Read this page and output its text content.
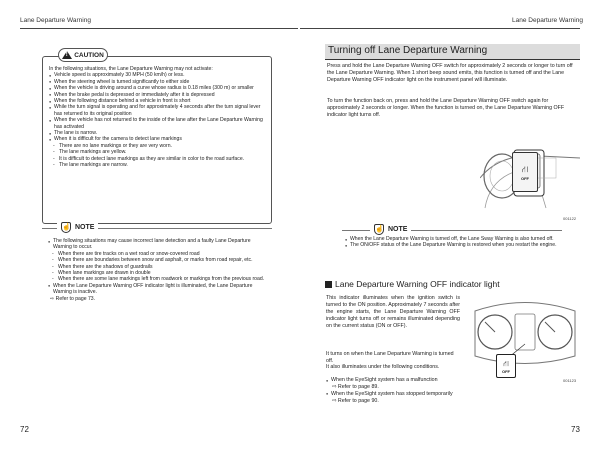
Lane Departure Warning
In the following situations, the Lane Departure Warning may not activate:
● Vehicle speed is approximately 30 MPH (50 km/h) or less.
● When the steering wheel is turned significantly to either side
● When the vehicle is driving around a curve whose radius is 0.18 miles (300 m) or smaller
● When the brake pedal is depressed or immediately after it is depressed
● When the following distance behind a vehicle in front is short
● While the turn signal is operating and for approximately 4 seconds after the turn signal lever has returned to its original position
● When the vehicle has not returned to the inside of the lane after the Lane Departure Warning has activated
● The lane is narrow.
● When it is difficult for the camera to detect lane markings
- There are no lane markings or they are very worn.
- The lane markings are yellow.
- It is difficult to detect lane markings as they are similar in color to the road surface.
- The lane markings are narrow.
!
CAUTION
● The following situations may cause incorrect lane detection and a faulty Lane Departure Warning to occur.
- When there are tire tracks on a wet road or snow-covered road
- When there are boundaries between snow and asphalt, or marks from road repair, etc.
- When there are the shadows of guardrails
- When lane markings are drawn in double
- When there are some lane markings left from roadwork or markings from the previous road.
● When the Lane Departure Warning OFF indicator light is illuminated, the Lane Departure Warning is inactive.
⇨ Refer to page 73.
☝ NOTE
72
Lane Departure Warning
Turning off Lane Departure Warning
Press and hold the Lane Departure Warning OFF switch for approximately 2 seconds or longer to turn off the Lane Departure Warning. When 1 short beep sound emits, this function is turned off and the Lane Departure Warning OFF indicator light on the instrument panel will illuminate.
To turn the function back on, press and hold the Lane Departure Warning OFF switch again for approximately 2 seconds or longer. When the function is turned on, the Lane Departure Warning OFF indicator light turns off.
⛙
OFF
001122
☝ NOTE
● When the Lane Departure Warning is turned off, the Lane Sway Warning is also turned off.
● The ON/OFF status of the Lane Departure Warning is restored when you restart the engine.
Lane Departure Warning OFF indicator light
This indicator illuminates when the ignition switch is turned to the ON position. Approximately 7 seconds after the engine starts, the Lane Departure Warning OFF indicator light turns off or remains illuminated depending on the current status (ON or OFF).
It turns on when the Lane Departure Warning is turned off.
It also illuminates under the following conditions.
● When the EyeSight system has a malfunction
⇨ Refer to page 89.
● When the EyeSight system has stopped temporarily
⇨ Refer to page 90.
⛙
OFF
001123
73
